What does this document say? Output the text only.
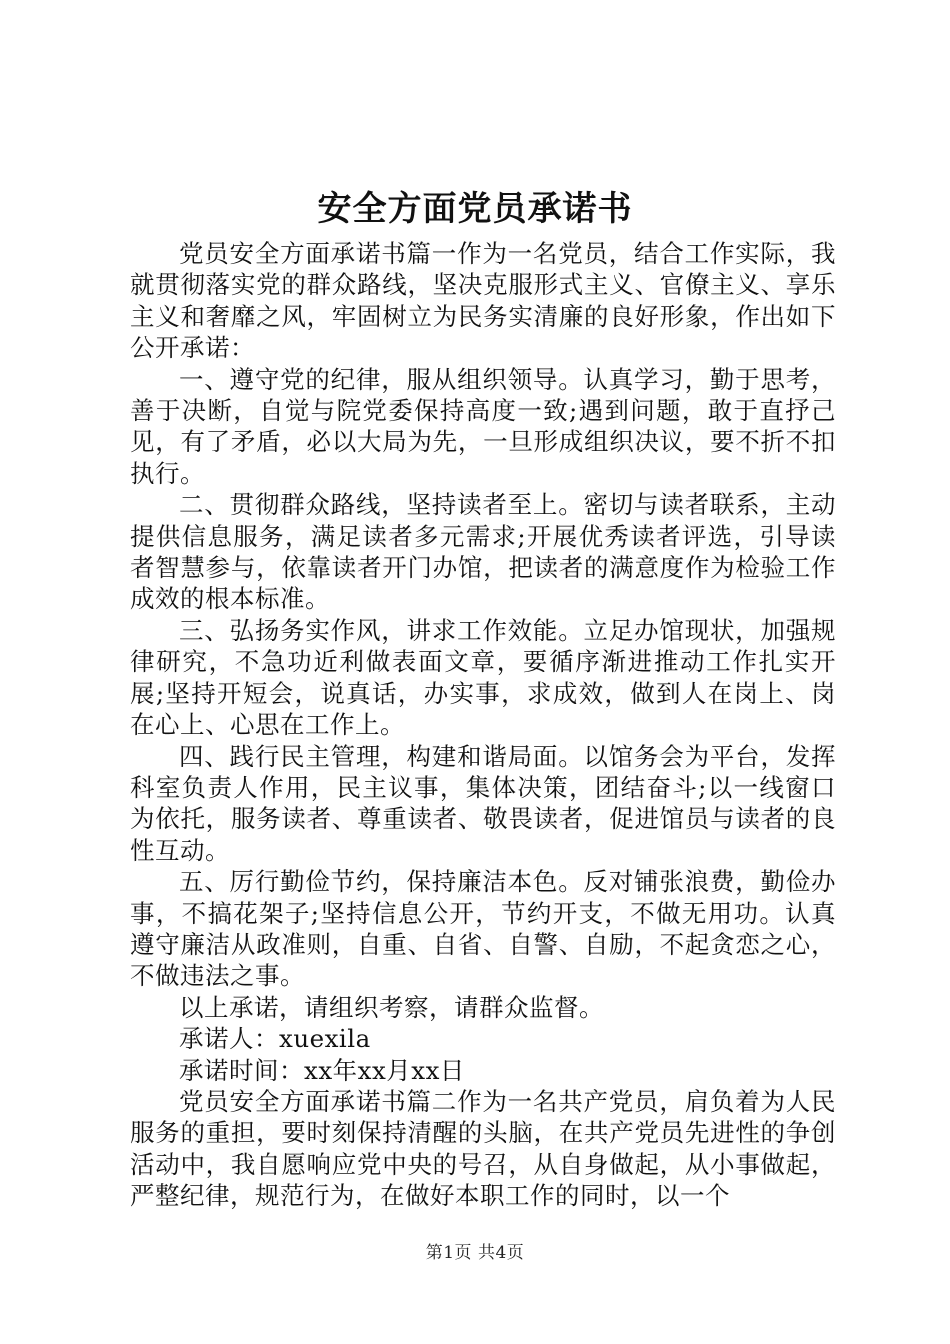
安全方面党员承诺书

党员安全方面承诺书篇一作为一名党员，结合工作实际，我就贯彻落实党的群众路线，坚决克服形式主义、官僚主义、享乐主义和奢靡之风，牢固树立为民务实清廉的良好形象，作出如下公开承诺：

一、遵守党的纪律，服从组织领导。认真学习，勤于思考，善于决断，自觉与院党委保持高度一致;遇到问题，敢于直抒己见，有了矛盾，必以大局为先，一旦形成组织决议，要不折不扣执行。

二、贯彻群众路线，坚持读者至上。密切与读者联系，主动提供信息服务，满足读者多元需求;开展优秀读者评选，引导读者智慧参与，依靠读者开门办馆，把读者的满意度作为检验工作成效的根本标准。

三、弘扬务实作风，讲求工作效能。立足办馆现状，加强规律研究，不急功近利做表面文章，要循序渐进推动工作扎实开展;坚持开短会，说真话，办实事，求成效，做到人在岗上、岗在心上、心思在工作上。

四、践行民主管理，构建和谐局面。以馆务会为平台，发挥科室负责人作用，民主议事，集体决策，团结奋斗;以一线窗口为依托，服务读者、尊重读者、敬畏读者，促进馆员与读者的良性互动。

五、厉行勤俭节约，保持廉洁本色。反对铺张浪费，勤俭办事，不搞花架子;坚持信息公开，节约开支，不做无用功。认真遵守廉洁从政准则，自重、自省、自警、自励，不起贪恋之心，不做违法之事。

以上承诺，请组织考察，请群众监督。

承诺人：xuexila

承诺时间：xx年xx月xx日

党员安全方面承诺书篇二作为一名共产党员，肩负着为人民服务的重担，要时刻保持清醒的头脑，在共产党员先进性的争创活动中，我自愿响应党中央的号召，从自身做起，从小事做起，严整纪律，规范行为，在做好本职工作的同时，以一个

第1页 共4页
